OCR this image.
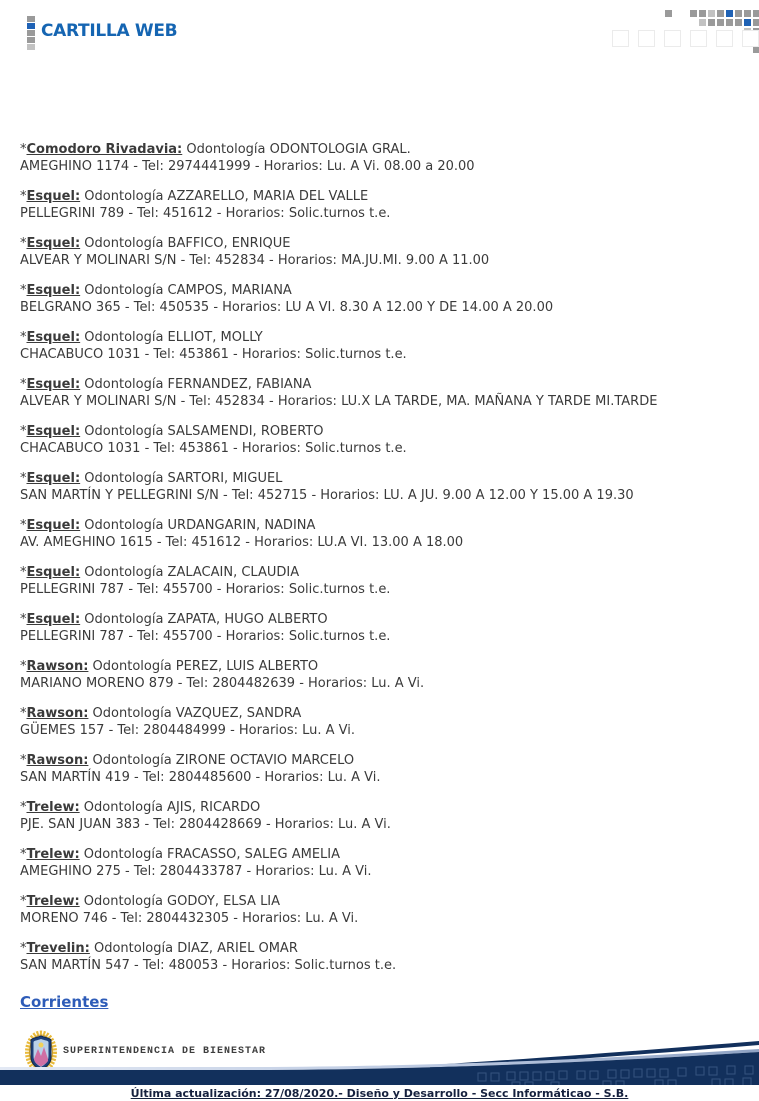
CARTILLA WEB
*Comodoro Rivadavia: Odontología ODONTOLOGIA GRAL.
AMEGHINO 1174 - Tel: 2974441999 - Horarios: Lu. A Vi. 08.00 a 20.00
*Esquel: Odontología AZZARELLO, MARIA DEL VALLE
PELLEGRINI 789 - Tel: 451612 - Horarios: Solic.turnos t.e.
*Esquel: Odontología BAFFICO, ENRIQUE
ALVEAR Y MOLINARI S/N - Tel: 452834 - Horarios: MA.JU.MI. 9.00 A 11.00
*Esquel: Odontología CAMPOS, MARIANA
BELGRANO 365 - Tel: 450535 - Horarios: LU A VI. 8.30 A 12.00 Y DE 14.00 A 20.00
*Esquel: Odontología ELLIOT, MOLLY
CHACABUCO 1031 - Tel: 453861 - Horarios: Solic.turnos t.e.
*Esquel: Odontología FERNANDEZ, FABIANA
ALVEAR Y MOLINARI S/N - Tel: 452834 - Horarios: LU.X LA TARDE, MA. MAÑANA Y TARDE MI.TARDE
*Esquel: Odontología SALSAMENDI, ROBERTO
CHACABUCO 1031 - Tel: 453861 - Horarios: Solic.turnos t.e.
*Esquel: Odontología SARTORI, MIGUEL
SAN MARTÍN Y PELLEGRINI S/N - Tel: 452715 - Horarios: LU. A JU. 9.00 A 12.00 Y 15.00 A 19.30
*Esquel: Odontología URDANGARIN, NADINA
AV. AMEGHINO 1615 - Tel: 451612 - Horarios: LU.A VI. 13.00 A 18.00
*Esquel: Odontología ZALACAIN, CLAUDIA
PELLEGRINI 787 - Tel: 455700 - Horarios: Solic.turnos t.e.
*Esquel: Odontología ZAPATA, HUGO ALBERTO
PELLEGRINI 787 - Tel: 455700 - Horarios: Solic.turnos t.e.
*Rawson: Odontología PEREZ, LUIS ALBERTO
MARIANO MORENO 879 - Tel: 2804482639 - Horarios: Lu. A Vi.
*Rawson: Odontología VAZQUEZ, SANDRA
GÜEMES 157 - Tel: 2804484999 - Horarios: Lu. A Vi.
*Rawson: Odontología ZIRONE OCTAVIO MARCELO
SAN MARTÍN 419 - Tel: 2804485600 - Horarios: Lu. A Vi.
*Trelew: Odontología AJIS, RICARDO
PJE. SAN JUAN 383 - Tel: 2804428669 - Horarios: Lu. A Vi.
*Trelew: Odontología FRACASSO, SALEG AMELIA
AMEGHINO 275 - Tel: 2804433787 - Horarios: Lu. A Vi.
*Trelew: Odontología GODOY, ELSA LIA
MORENO 746 - Tel: 2804432305 - Horarios: Lu. A Vi.
*Trevelin: Odontología DIAZ, ARIEL OMAR
SAN MARTÍN 547 - Tel: 480053 - Horarios: Solic.turnos t.e.
Corrientes
SUPERINTENDENCIA DE BIENESTAR
Última actualización: 27/08/2020.- Diseño y Desarrollo - Secc Informáticao - S.B.
